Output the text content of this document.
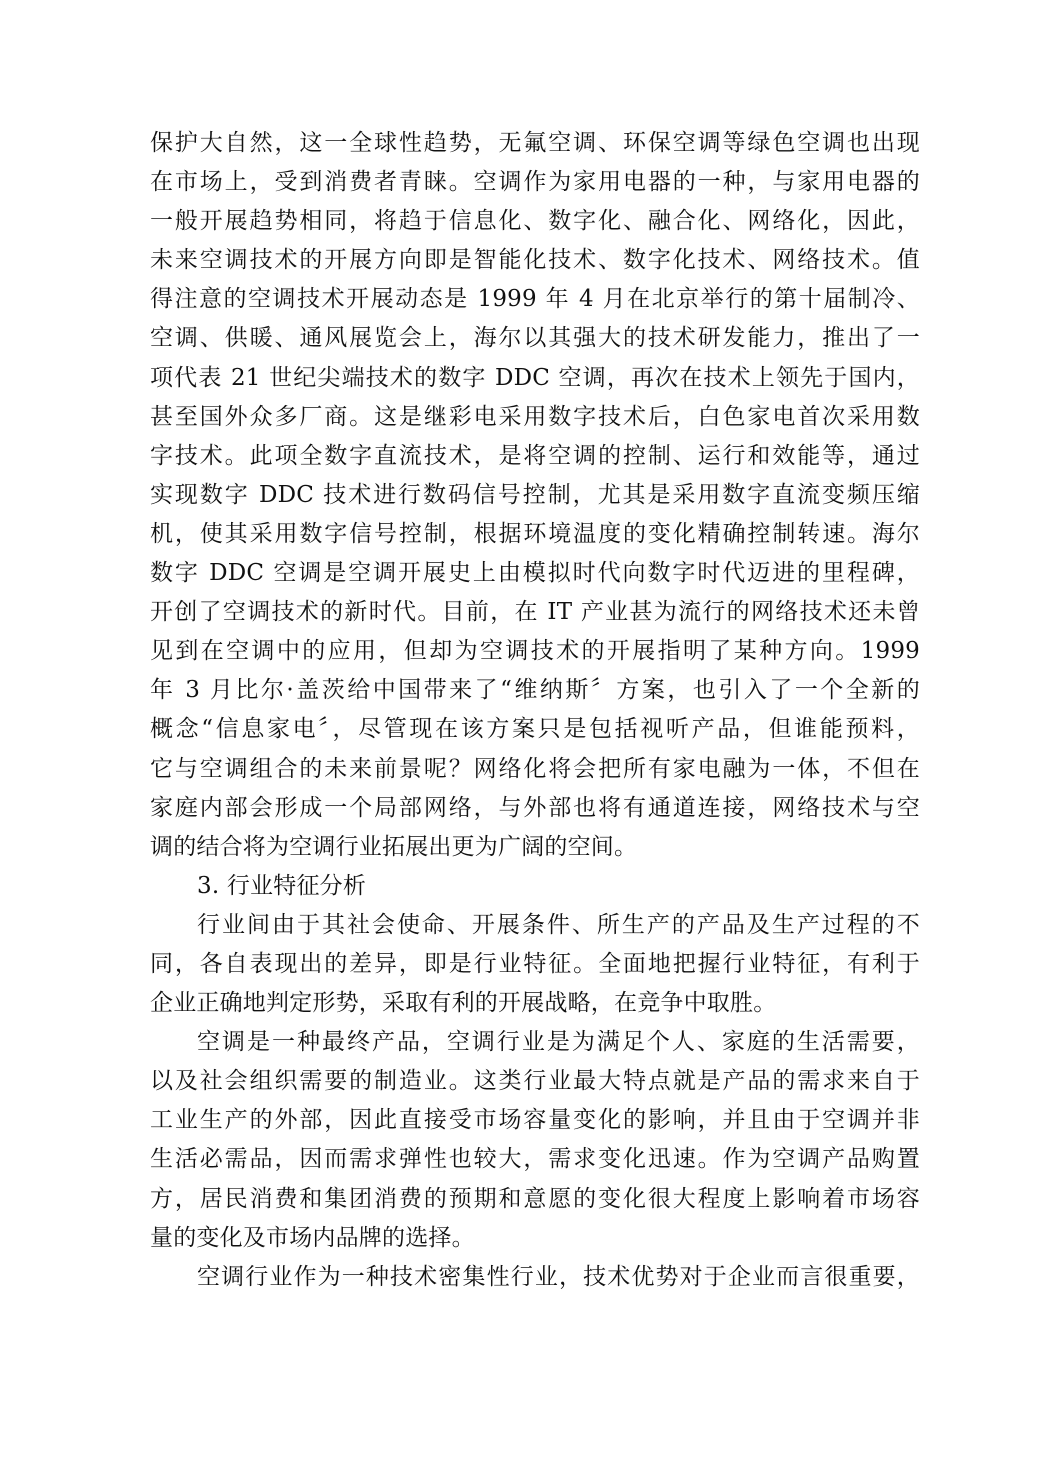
保护大自然，这一全球性趋势，无氟空调、环保空调等绿色空调也出现
在市场上，受到消费者青睐。空调作为家用电器的一种，与家用电器的
一般开展趋势相同，将趋于信息化、数字化、融合化、网络化，因此，
未来空调技术的开展方向即是智能化技术、数字化技术、网络技术。值
得注意的空调技术开展动态是 1999 年 4 月在北京举行的第十届制冷、
空调、供暖、通风展览会上，海尔以其强大的技术研发能力，推出了一
项代表 21 世纪尖端技术的数字 DDC 空调，再次在技术上领先于国内，
甚至国外众多厂商。这是继彩电采用数字技术后，白色家电首次采用数
字技术。此项全数字直流技术，是将空调的控制、运行和效能等，通过
实现数字 DDC 技术进行数码信号控制，尤其是采用数字直流变频压缩
机，使其采用数字信号控制，根据环境温度的变化精确控制转速。海尔
数字 DDC 空调是空调开展史上由模拟时代向数字时代迈进的里程碑，
开创了空调技术的新时代。目前，在 IT 产业甚为流行的网络技术还未曾
见到在空调中的应用，但却为空调技术的开展指明了某种方向。1999
年 3 月比尔·盖茨给中国带来了“维纳斯〞方案，也引入了一个全新的
概念“信息家电〞，尽管现在该方案只是包括视听产品，但谁能预料，
它与空调组合的未来前景呢？网络化将会把所有家电融为一体，不但在
家庭内部会形成一个局部网络，与外部也将有通道连接，网络技术与空
调的结合将为空调行业拓展出更为广阔的空间。
3. 行业特征分析
行业间由于其社会使命、开展条件、所生产的产品及生产过程的不
同，各自表现出的差异，即是行业特征。全面地把握行业特征，有利于
企业正确地判定形势，采取有利的开展战略，在竞争中取胜。
空调是一种最终产品，空调行业是为满足个人、家庭的生活需要，
以及社会组织需要的制造业。这类行业最大特点就是产品的需求来自于
工业生产的外部，因此直接受市场容量变化的影响，并且由于空调并非
生活必需品，因而需求弹性也较大，需求变化迅速。作为空调产品购置
方，居民消费和集团消费的预期和意愿的变化很大程度上影响着市场容
量的变化及市场内品牌的选择。
空调行业作为一种技术密集性行业，技术优势对于企业而言很重要，
